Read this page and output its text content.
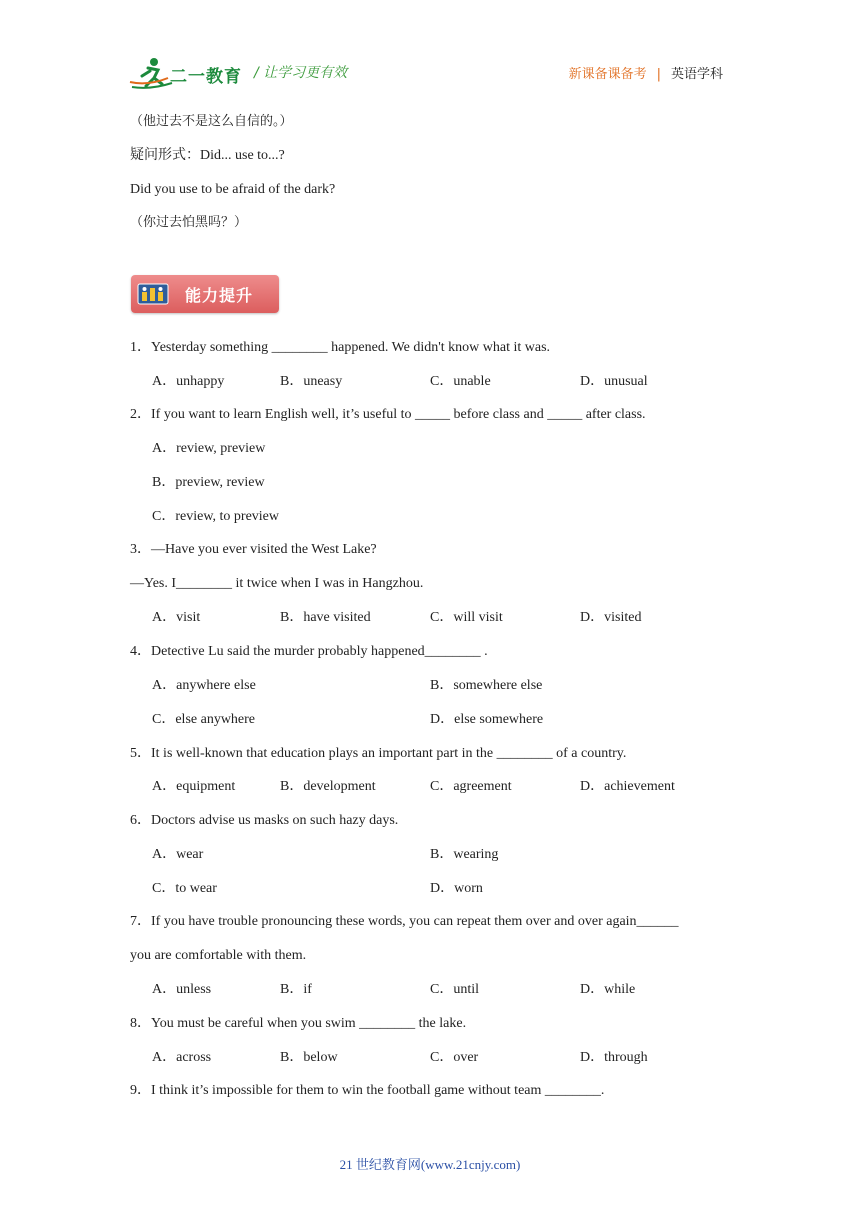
二一教育 / 让学习更有效	新课备课备考 | 英语学科
（他过去不是这么自信的。）
疑问形式：Did... use to...?
Did you use to be afraid of the dark?
（你过去怕黑吗？）
能力提升
1．Yesterday something ________ happened. We didn't know what it was.
A．unhappy	B．uneasy	C．unable	D．unusual
2．If you want to learn English well, it’s useful to _____ before class and _____ after class.
A．review, preview
B．preview, review
C．review, to preview
3．—Have you ever visited the West Lake?
—Yes. I________ it twice when I was in Hangzhou.
A．visit	B．have visited	C．will visit	D．visited
4．Detective Lu said the murder probably happened________ .
A．anywhere else	B．somewhere else
C．else anywhere	D．else somewhere
5．It is well-known that education plays an important part in the ________ of a country.
A．equipment	B．development	C．agreement	D．achievement
6．Doctors advise us masks on such hazy days.
A．wear	B．wearing
C．to wear	D．worn
7．If you have trouble pronouncing these words, you can repeat them over and over again______
you are comfortable with them.
A．unless	B．if	C．until	D．while
8．You must be careful when you swim ________ the lake.
A．across	B．below	C．over	D．through
9．I think it’s impossible for them to win the football game without team ________.
21 世纪教育网(www.21cnjy.com)
